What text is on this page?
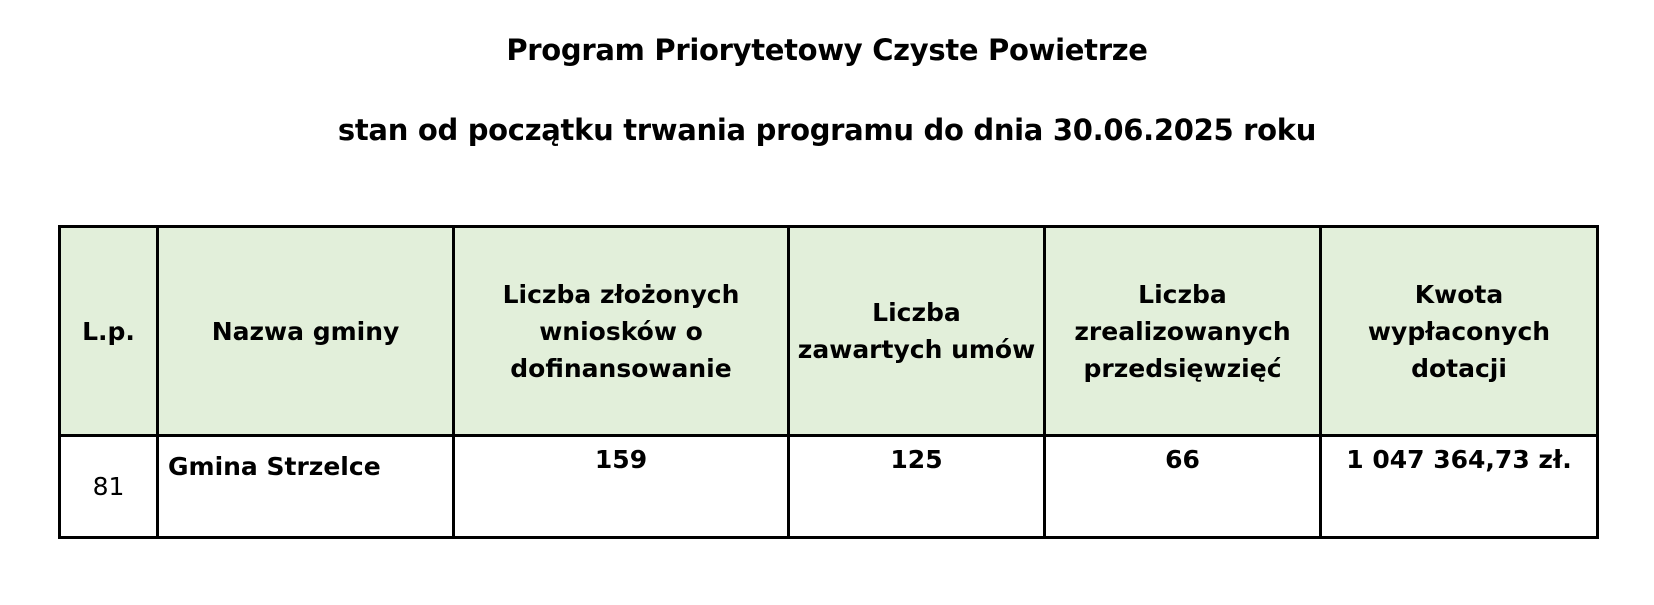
Program Priorytetowy Czyste Powietrze
stan od początku trwania programu do dnia 30.06.2025 roku
L.p.	Nazwa gminy	Liczba złożonych wniosków o dofinansowanie	Liczba zawartych umów	Liczba zrealizowanych przedsięwzięć	Kwota wypłaconych dotacji
81	Gmina Strzelce	159	125	66	1 047 364,73 zł.
